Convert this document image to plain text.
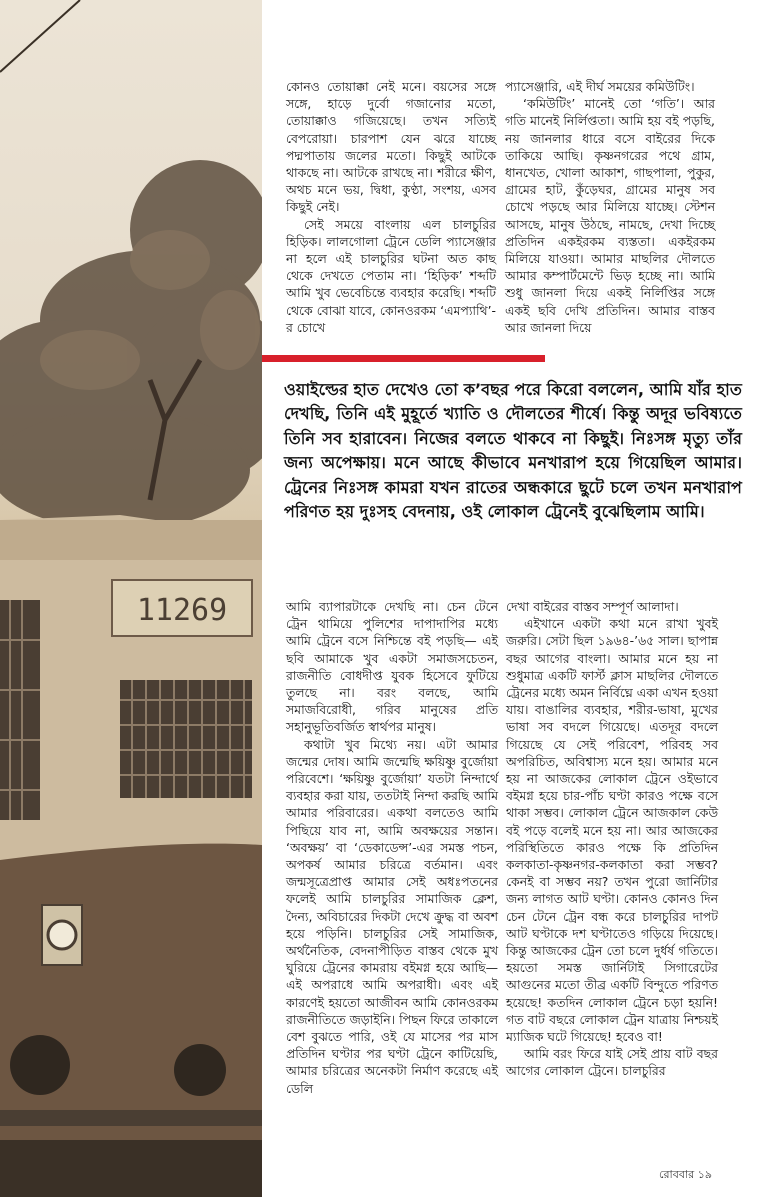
11269

কোনও তোয়াক্কা নেই মনে। বয়সের সঙ্গে সঙ্গে, হাড়ে দুর্বো গজানোর মতো, তোয়াক্কাও গজিয়েছে। তখন সত্যিই বেপরোয়া। চারপাশ যেন ঝরে যাচ্ছে পদ্মপাতায় জলের মতো। কিছুই আটকে থাকছে না। আটকে রাখছে না। শরীরে ক্ষীণ, অথচ মনে ভয়, দ্বিধা, কুণ্ঠা, সংশয়, এসব কিছুই নেই।

সেই সময়ে বাংলায় এল চালচুরির হিড়িক। লালগোলা ট্রেনে ডেলি প্যাসেঞ্জার না হলে এই চালচুরির ঘটনা অত কাছ থেকে দেখতে পেতাম না। ‘হিড়িক’ শব্দটি আমি খুব ভেবেচিন্তে ব্যবহার করেছি। শব্দটি থেকে বোঝা যাবে, কোনওরকম ‘এমপ্যাথি’-র চোখে

প্যাসেঞ্জারি, এই দীর্ঘ সময়ের কমিউটিং।

‘কমিউটিং’ মানেই তো ‘গতি’। আর গতি মানেই নির্লিপ্ততা। আমি হয় বই পড়ছি, নয় জানলার ধারে বসে বাইরের দিকে তাকিয়ে আছি। কৃষ্ণনগরের পথে গ্রাম, ধানখেত, খোলা আকাশ, গাছপালা, পুকুর, গ্রামের হাট, কুঁড়েঘর, গ্রামের মানুষ সব চোখে পড়ছে আর মিলিয়ে যাচ্ছে। স্টেশন আসছে, মানুষ উঠছে, নামছে, দেখা দিচ্ছে প্রতিদিন একইরকম ব্যস্ততা। একইরকম মিলিয়ে যাওয়া। আমার মাছলির দৌলতে আমার কম্পার্টমেন্টে ভিড় হচ্ছে না। আমি শুধু জানলা দিয়ে একই নির্লিপ্তির সঙ্গে একই ছবি দেখি প্রতিদিন। আমার বাস্তব আর জানলা দিয়ে

ওয়াইল্ডের হাত দেখেও তো ক’বছর পরে কিরো বললেন, আমি যাঁর হাত দেখছি, তিনি এই মুহূর্তে খ্যাতি ও দৌলতের শীর্ষে। কিন্তু অদূর ভবিষ্যতে তিনি সব হারাবেন। নিজের বলতে থাকবে না কিছুই। নিঃসঙ্গ মৃত্যু তাঁর জন্য অপেক্ষায়। মনে আছে কীভাবে মনখারাপ হয়ে গিয়েছিল আমার। ট্রেনের নিঃসঙ্গ কামরা যখন রাতের অন্ধকারে ছুটে চলে তখন মনখারাপ পরিণত হয় দুঃসহ বেদনায়, ওই লোকাল ট্রেনেই বুঝেছিলাম আমি।

আমি ব্যাপারটাকে দেখছি না। চেন টেনে ট্রেন থামিয়ে পুলিশের দাপাদাপির মধ্যে আমি ট্রেনে বসে নিশ্চিন্তে বই পড়ছি— এই ছবি আমাকে খুব একটা সমাজসচেতন, রাজনীতি বোধদীপ্ত যুবক হিসেবে ফুটিয়ে তুলছে না। বরং বলছে, আমি সমাজবিরোধী, গরিব মানুষের প্রতি সহানুভূতিবর্জিত স্বার্থপর মানুষ।

কথাটা খুব মিথ্যে নয়। এটা আমার জন্মের দোষ। আমি জন্মেছি ক্ষয়িষ্ণু বুর্জোয়া পরিবেশে। ‘ক্ষয়িষ্ণু বুর্জোয়া’ যতটা নিন্দার্থে ব্যবহার করা যায়, ততটাই নিন্দা করছি আমি আমার পরিবারের। একথা বলতেও আমি পিছিয়ে যাব না, আমি অবক্ষয়ের সন্তান। ‘অবক্ষয়’ বা ‘ডেকাডেন্স’-এর সমস্ত পচন, অপকর্ষ আমার চরিত্রে বর্তমান। এবং জন্মসূত্রেপ্রাপ্ত আমার সেই অধঃপতনের ফলেই আমি চালচুরির সামাজিক ক্লেশ, দৈন্য, অবিচারের দিকটা দেখে ক্রুদ্ধ বা অবশ হয়ে পড়িনি। চালচুরির সেই সামাজিক, অর্থনৈতিক, বেদনাপীড়িত বাস্তব থেকে মুখ ঘুরিয়ে ট্রেনের কামরায় বইমগ্ন হয়ে আছি— এই অপরাধে আমি অপরাধী। এবং এই কারণেই হয়তো আজীবন আমি কোনওরকম রাজনীতিতে জড়াইনি। পিছন ফিরে তাকালে বেশ বুঝতে পারি, ওই যে মাসের পর মাস প্রতিদিন ঘণ্টার পর ঘণ্টা ট্রেনে কাটিয়েছি, আমার চরিত্রের অনেকটা নির্মাণ করেছে এই ডেলি

দেখা বাইরের বাস্তব সম্পূর্ণ আলাদা।

এইখানে একটা কথা মনে রাখা খুবই জরুরি। সেটা ছিল ১৯৬৪-’৬৫ সাল। ছাপান্ন বছর আগের বাংলা। আমার মনে হয় না শুধুমাত্র একটি ফার্স্ট ক্লাস মাছলির দৌলতে ট্রেনের মধ্যে অমন নির্বিঘ্নে একা এখন হওয়া যায়। বাঙালির ব্যবহার, শরীর-ভাষা, মুখের ভাষা সব বদলে গিয়েছে। এতদূর বদলে গিয়েছে যে সেই পরিবেশ, পরিবহ সব অপরিচিত, অবিশ্বাস্য মনে হয়। আমার মনে হয় না আজকের লোকাল ট্রেনে ওইভাবে বইমগ্ন হয়ে চার-পাঁচ ঘণ্টা কারও পক্ষে বসে থাকা সম্ভব। লোকাল ট্রেনে আজকাল কেউ বই পড়ে বলেই মনে হয় না। আর আজকের পরিস্থিতিতে কারও পক্ষে কি প্রতিদিন কলকাতা-কৃষ্ণনগর-কলকাতা করা সম্ভব? কেনই বা সম্ভব নয়? তখন পুরো জার্নিটার জন্য লাগত আট ঘণ্টা। কোনও কোনও দিন চেন টেনে ট্রেন বন্ধ করে চালচুরির দাপট আট ঘণ্টাকে দশ ঘণ্টাতেও গড়িয়ে দিয়েছে। কিন্তু আজকের ট্রেন তো চলে দুর্ধর্ষ গতিতে। হয়তো সমস্ত জার্নিটাই সিগারেটের আগুনের মতো তীব্র একটি বিন্দুতে পরিণত হয়েছে! কতদিন লোকাল ট্রেনে চড়া হয়নি! গত বাট বছরে লোকাল ট্রেন যাত্রায় নিশ্চয়ই ম্যাজিক ঘটে গিয়েছে! হবেও বা!

আমি বরং ফিরে যাই সেই প্রায় বাট বছর আগের লোকাল ট্রেনে। চালচুরির

রোববার ১৯
